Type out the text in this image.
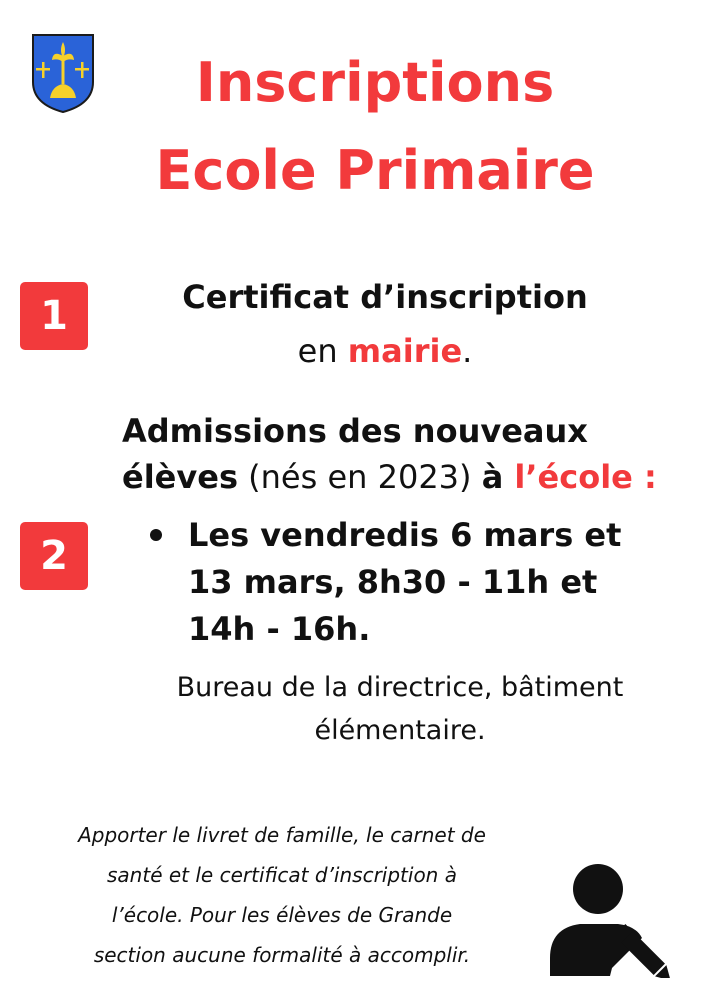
Inscriptions
Ecole Primaire
1	Certificat d’inscription
en mairie.
2
Admissions des nouveaux
élèves (nés en 2023) à l’école :
Les vendredis 6 mars et
13 mars, 8h30 - 11h et
14h - 16h.
Bureau de la directrice, bâtiment
élémentaire.
Apporter le livret de famille, le carnet de
santé et le certificat d’inscription à
l’école. Pour les élèves de Grande
section aucune formalité à accomplir.
